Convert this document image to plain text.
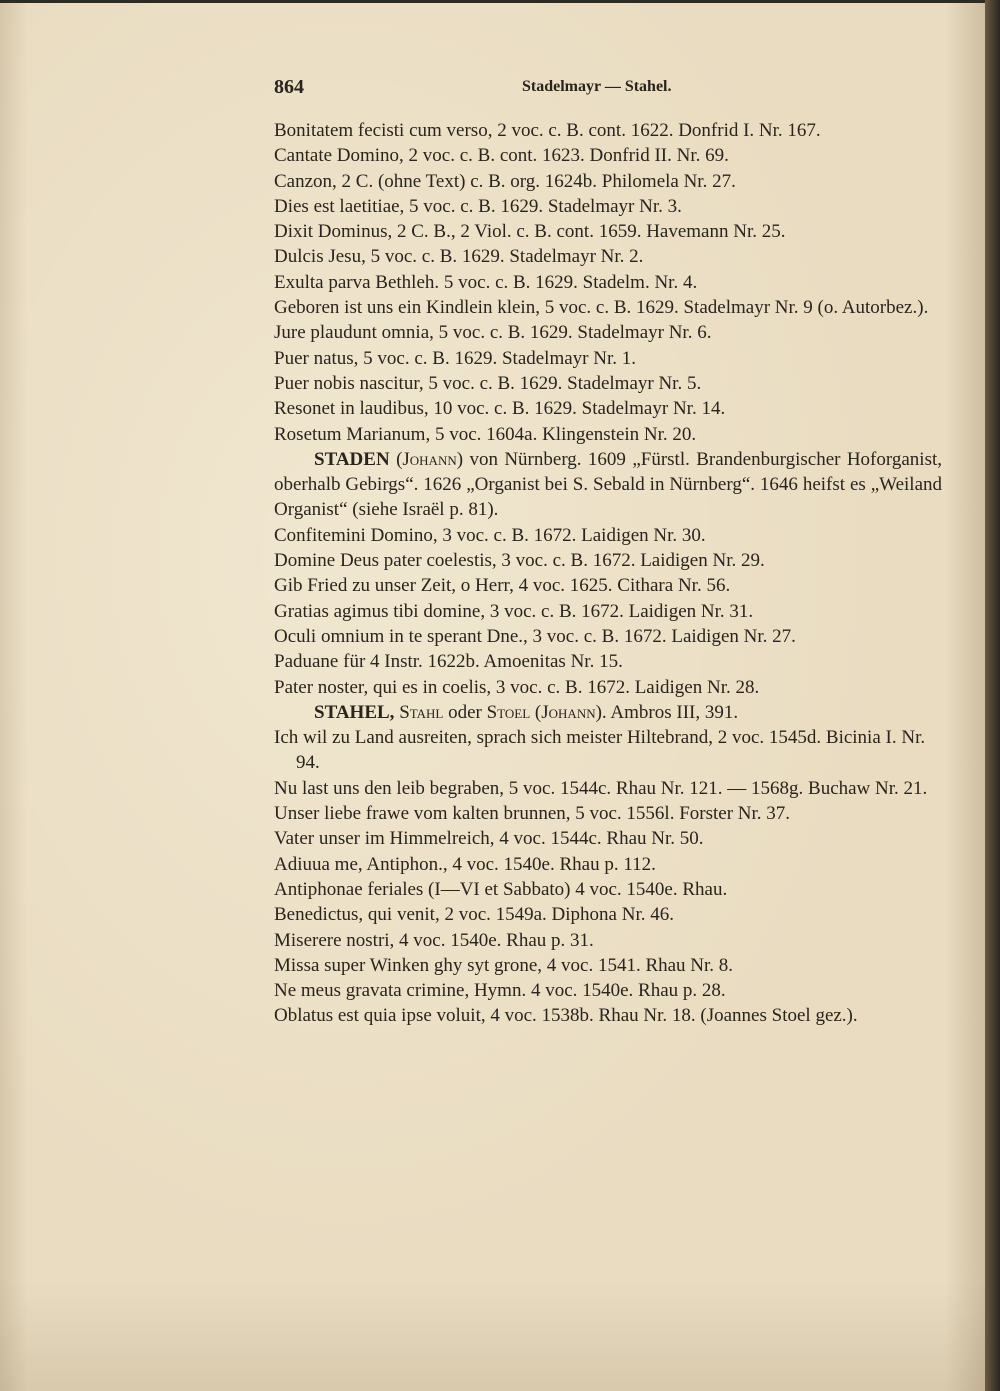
864	Stadelmayr — Stahel.

Bonitatem fecisti cum verso, 2 voc. c. B. cont. 1622. Donfrid I. Nr. 167.

Cantate Domino, 2 voc. c. B. cont. 1623. Donfrid II. Nr. 69.

Canzon, 2 C. (ohne Text) c. B. org. 1624b. Philomela Nr. 27.

Dies est laetitiae, 5 voc. c. B. 1629. Stadelmayr Nr. 3.

Dixit Dominus, 2 C. B., 2 Viol. c. B. cont. 1659. Havemann Nr. 25.

Dulcis Jesu, 5 voc. c. B. 1629. Stadelmayr Nr. 2.

Exulta parva Bethleh. 5 voc. c. B. 1629. Stadelm. Nr. 4.

Geboren ist uns ein Kindlein klein, 5 voc. c. B. 1629. Stadelmayr Nr. 9 (o. Autorbez.).

Jure plaudunt omnia, 5 voc. c. B. 1629. Stadelmayr Nr. 6.

Puer natus, 5 voc. c. B. 1629. Stadelmayr Nr. 1.

Puer nobis nascitur, 5 voc. c. B. 1629. Stadelmayr Nr. 5.

Resonet in laudibus, 10 voc. c. B. 1629. Stadelmayr Nr. 14.

Rosetum Marianum, 5 voc. 1604a. Klingenstein Nr. 20.

STADEN (Johann) von Nürnberg. 1609 „Fürstl. Brandenburgischer Hoforganist, oberhalb Gebirgs“. 1626 „Organist bei S. Sebald in Nürnberg“. 1646 heifst es „Weiland Organist“ (siehe Israël p. 81).

Confitemini Domino, 3 voc. c. B. 1672. Laidigen Nr. 30.

Domine Deus pater coelestis, 3 voc. c. B. 1672. Laidigen Nr. 29.

Gib Fried zu unser Zeit, o Herr, 4 voc. 1625. Cithara Nr. 56.

Gratias agimus tibi domine, 3 voc. c. B. 1672. Laidigen Nr. 31.

Oculi omnium in te sperant Dne., 3 voc. c. B. 1672. Laidigen Nr. 27.

Paduane für 4 Instr. 1622b. Amoenitas Nr. 15.

Pater noster, qui es in coelis, 3 voc. c. B. 1672. Laidigen Nr. 28.

STAHEL, Stahl oder Stoel (Johann). Ambros III, 391.

Ich wil zu Land ausreiten, sprach sich meister Hiltebrand, 2 voc. 1545d. Bicinia I. Nr. 94.

Nu last uns den leib begraben, 5 voc. 1544c. Rhau Nr. 121. — 1568g. Buchaw Nr. 21.

Unser liebe frawe vom kalten brunnen, 5 voc. 1556l. Forster Nr. 37.

Vater unser im Himmelreich, 4 voc. 1544c. Rhau Nr. 50.

Adiuua me, Antiphon., 4 voc. 1540e. Rhau p. 112.

Antiphonae feriales (I—VI et Sabbato) 4 voc. 1540e. Rhau.

Benedictus, qui venit, 2 voc. 1549a. Diphona Nr. 46.

Miserere nostri, 4 voc. 1540e. Rhau p. 31.

Missa super Winken ghy syt grone, 4 voc. 1541. Rhau Nr. 8.

Ne meus gravata crimine, Hymn. 4 voc. 1540e. Rhau p. 28.

Oblatus est quia ipse voluit, 4 voc. 1538b. Rhau Nr. 18. (Joannes Stoel gez.).
